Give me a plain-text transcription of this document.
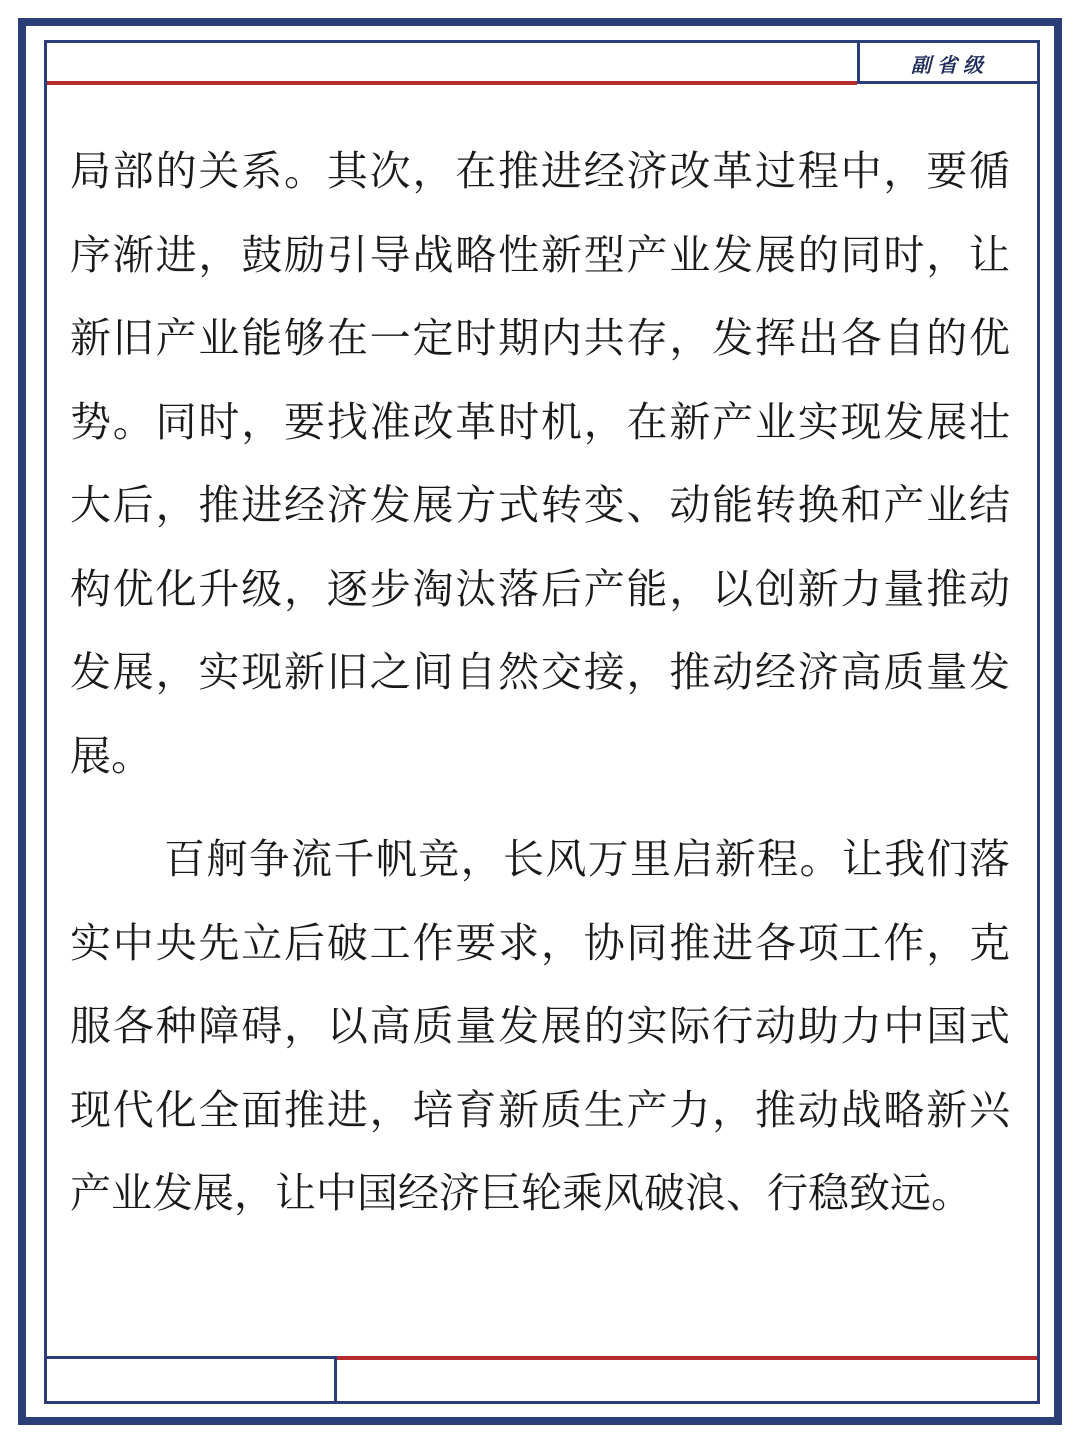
副省级

局部的关系。其次，在推进经济改革过程中，要循序渐进，鼓励引导战略性新型产业发展的同时，让新旧产业能够在一定时期内共存，发挥出各自的优势。同时，要找准改革时机，在新产业实现发展壮大后，推进经济发展方式转变、动能转换和产业结构优化升级，逐步淘汰落后产能，以创新力量推动发展，实现新旧之间自然交接，推动经济高质量发展。

百舸争流千帆竞，长风万里启新程。让我们落实中央先立后破工作要求，协同推进各项工作，克服各种障碍，以高质量发展的实际行动助力中国式现代化全面推进，培育新质生产力，推动战略新兴产业发展，让中国经济巨轮乘风破浪、行稳致远。
